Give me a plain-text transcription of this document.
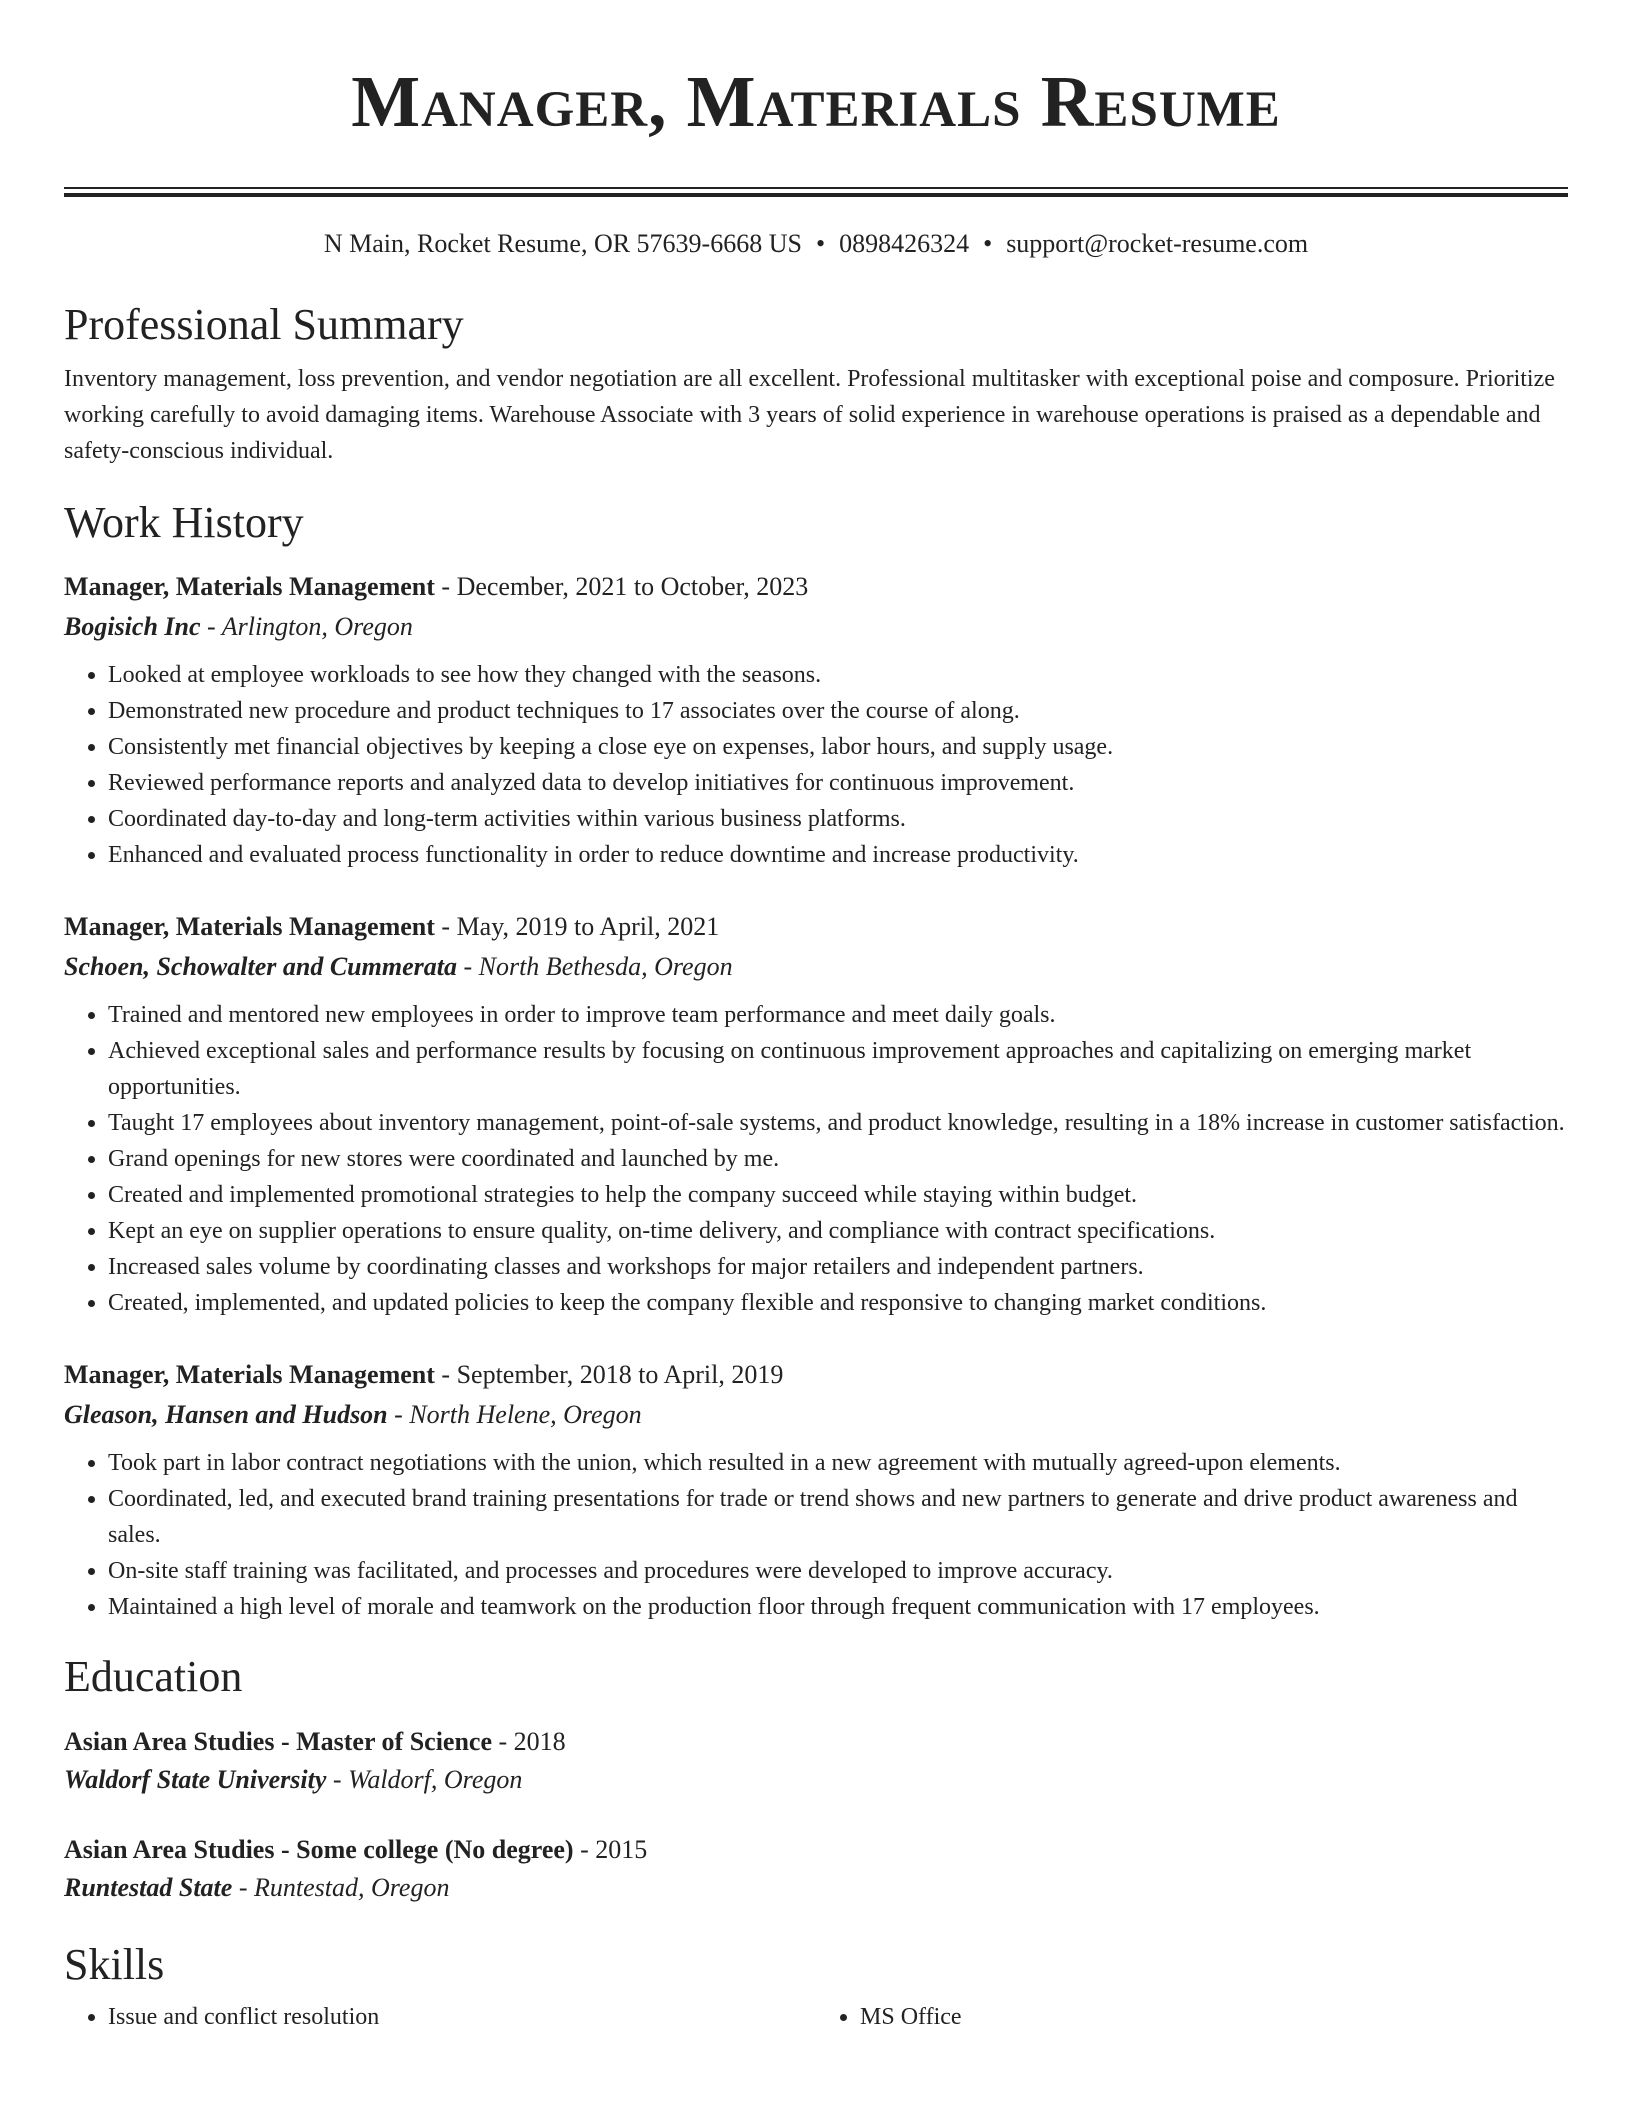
Manager, Materials Resume
N Main, Rocket Resume, OR 57639-6668 US • 0898426324 • support@rocket-resume.com
Professional Summary
Inventory management, loss prevention, and vendor negotiation are all excellent. Professional multitasker with exceptional poise and composure. Prioritize working carefully to avoid damaging items. Warehouse Associate with 3 years of solid experience in warehouse operations is praised as a dependable and safety-conscious individual.
Work History
Manager, Materials Management - December, 2021 to October, 2023
Bogisich Inc - Arlington, Oregon
• Looked at employee workloads to see how they changed with the seasons.
• Demonstrated new procedure and product techniques to 17 associates over the course of along.
• Consistently met financial objectives by keeping a close eye on expenses, labor hours, and supply usage.
• Reviewed performance reports and analyzed data to develop initiatives for continuous improvement.
• Coordinated day-to-day and long-term activities within various business platforms.
• Enhanced and evaluated process functionality in order to reduce downtime and increase productivity.
Manager, Materials Management - May, 2019 to April, 2021
Schoen, Schowalter and Cummerata - North Bethesda, Oregon
• Trained and mentored new employees in order to improve team performance and meet daily goals.
• Achieved exceptional sales and performance results by focusing on continuous improvement approaches and capitalizing on emerging market opportunities.
• Taught 17 employees about inventory management, point-of-sale systems, and product knowledge, resulting in a 18% increase in customer satisfaction.
• Grand openings for new stores were coordinated and launched by me.
• Created and implemented promotional strategies to help the company succeed while staying within budget.
• Kept an eye on supplier operations to ensure quality, on-time delivery, and compliance with contract specifications.
• Increased sales volume by coordinating classes and workshops for major retailers and independent partners.
• Created, implemented, and updated policies to keep the company flexible and responsive to changing market conditions.
Manager, Materials Management - September, 2018 to April, 2019
Gleason, Hansen and Hudson - North Helene, Oregon
• Took part in labor contract negotiations with the union, which resulted in a new agreement with mutually agreed-upon elements.
• Coordinated, led, and executed brand training presentations for trade or trend shows and new partners to generate and drive product awareness and sales.
• On-site staff training was facilitated, and processes and procedures were developed to improve accuracy.
• Maintained a high level of morale and teamwork on the production floor through frequent communication with 17 employees.
Education
Asian Area Studies - Master of Science - 2018
Waldorf State University - Waldorf, Oregon
Asian Area Studies - Some college (No degree) - 2015
Runtestad State - Runtestad, Oregon
Skills
• Issue and conflict resolution
•	MS Office
